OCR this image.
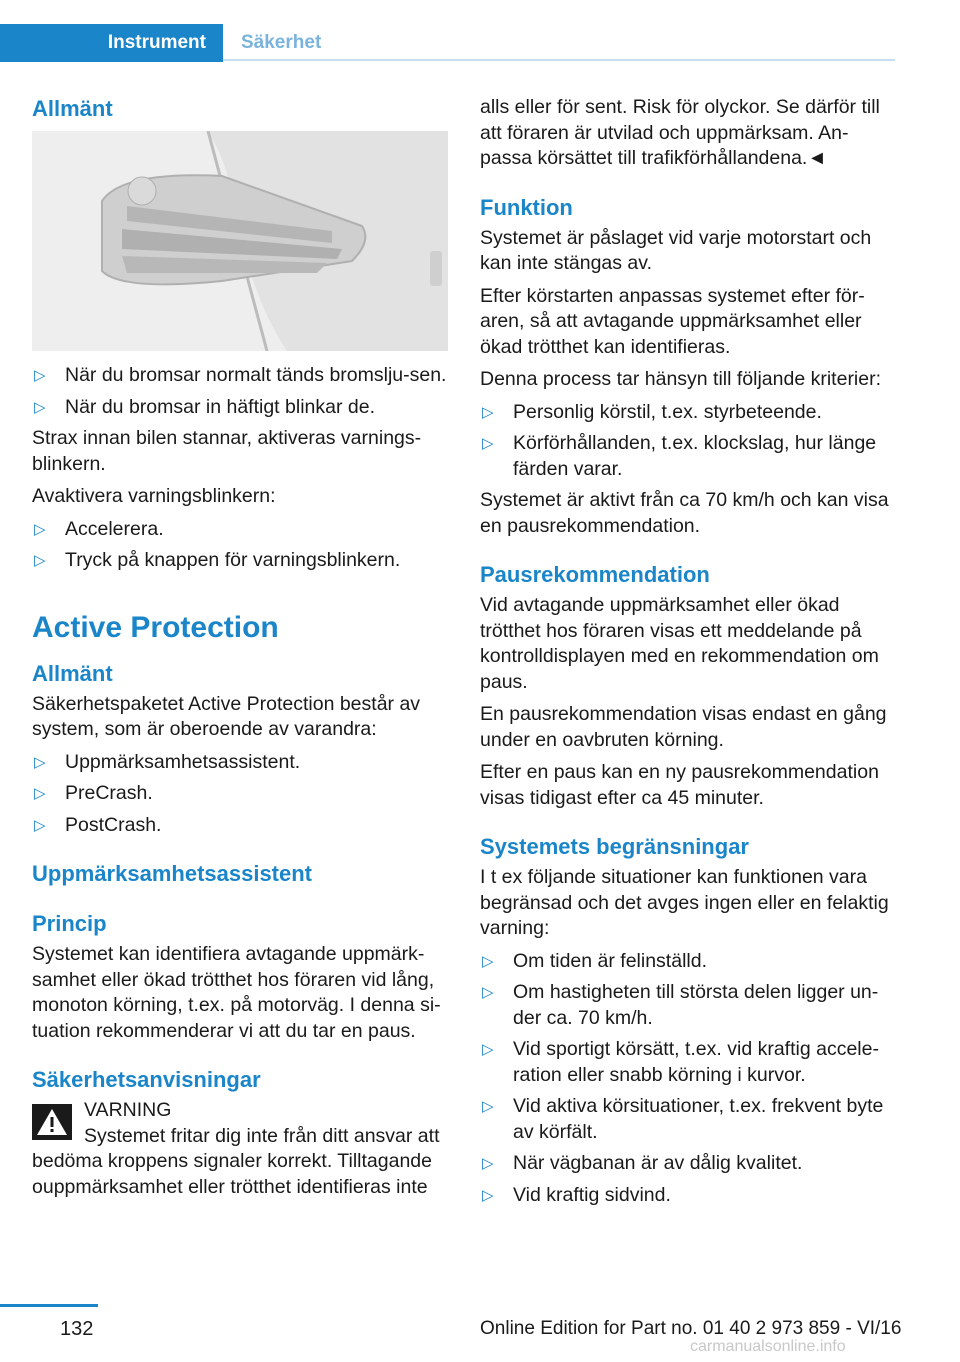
Instrument	Säkerhet
Allmänt
▷ När du bromsar normalt tänds bromslju-sen.
▷ När du bromsar in häftigt blinkar de.

Strax innan bilen stannar, aktiveras varnings-blinkern.

Avaktivera varningsblinkern:

▷ Accelerera.
▷ Tryck på knappen för varningsblinkern.
Active Protection
Allmänt

Säkerhetspaketet Active Protection består av system, som är oberoende av varandra:

▷ Uppmärksamhetsassistent.
▷ PreCrash.
▷ PostCrash.
Uppmärksamhetsassistent
Princip

Systemet kan identifiera avtagande uppmärk-samhet eller ökad trötthet hos föraren vid lång, monoton körning, t.ex. på motorväg. I denna si-tuation rekommenderar vi att du tar en paus.

Säkerhetsanvisningar
VARNING
Systemet fritar dig inte från ditt ansvar att bedöma kroppens signaler korrekt. Tilltagande ouppmärksamhet eller trötthet identifieras inte

alls eller för sent. Risk för olyckor. Se därför till att föraren är utvilad och uppmärksam. An-passa körsättet till trafikförhållandena.◄

Funktion

Systemet är påslaget vid varje motorstart och kan inte stängas av.

Efter körstarten anpassas systemet efter för-aren, så att avtagande uppmärksamhet eller ökad trötthet kan identifieras.

Denna process tar hänsyn till följande kriterier:

▷ Personlig körstil, t.ex. styrbeteende.
▷ Körförhållanden, t.ex. klockslag, hur länge färden varar.

Systemet är aktivt från ca 70 km/h och kan visa en pausrekommendation.

Pausrekommendation

Vid avtagande uppmärksamhet eller ökad trötthet hos föraren visas ett meddelande på kontrolldisplayen med en rekommendation om paus.

En pausrekommendation visas endast en gång under en oavbruten körning.

Efter en paus kan en ny pausrekommendation visas tidigast efter ca 45 minuter.

Systemets begränsningar

I t ex följande situationer kan funktionen vara begränsad och det avges ingen eller en felaktig varning:

▷ Om tiden är felinställd.
▷ Om hastigheten till största delen ligger un-der ca. 70 km/h.
▷ Vid sportigt körsätt, t.ex. vid kraftig accele-ration eller snabb körning i kurvor.
▷ Vid aktiva körsituationer, t.ex. frekvent byte av körfält.
▷ När vägbanan är av dålig kvalitet.
▷ Vid kraftig sidvind.
132	Online Edition for Part no. 01 40 2 973 859 - VI/16
carmanualsonline.info
